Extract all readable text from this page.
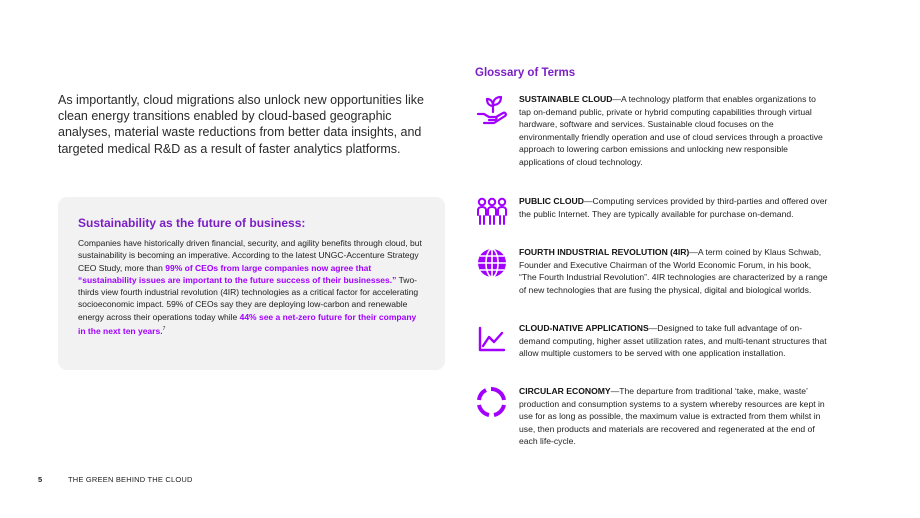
As importantly, cloud migrations also unlock new opportunities like clean energy transitions enabled by cloud-based geographic analyses, material waste reductions from better data insights, and targeted medical R&D as a result of faster analytics platforms.

Sustainability as the future of business:

Companies have historically driven financial, security, and agility benefits through cloud, but sustainability is becoming an imperative. According to the latest UNGC-Accenture Strategy CEO Study, more than 99% of CEOs from large companies now agree that “sustainability issues are important to the future success of their businesses.” Two-thirds view fourth industrial revolution (4IR) technologies as a critical factor for accelerating socioeconomic impact. 59% of CEOs say they are deploying low-carbon and renewable energy across their operations today while 44% see a net-zero future for their company in the next ten years.$^7$

Glossary of Terms

SUSTAINABLE CLOUD—A technology platform that enables organizations to tap on-demand public, private or hybrid computing capabilities through virtual hardware, software and services. Sustainable cloud focuses on the environmentally friendly operation and use of cloud services through a proactive approach to lowering carbon emissions and unlocking new responsible applications of cloud technology.

PUBLIC CLOUD—Computing services provided by third-parties and offered over the public Internet. They are typically available for purchase on-demand.

FOURTH INDUSTRIAL REVOLUTION (4IR)—A term coined by Klaus Schwab, Founder and Executive Chairman of the World Economic Forum, in his book, “The Fourth Industrial Revolution”. 4IR technologies are characterized by a range of new technologies that are fusing the physical, digital and biological worlds.

CLOUD-NATIVE APPLICATIONS—Designed to take full advantage of on-demand computing, higher asset utilization rates, and multi-tenant structures that allow multiple customers to be served with one application installation.

CIRCULAR ECONOMY—The departure from traditional ‘take, make, waste’ production and consumption systems to a system whereby resources are kept in use for as long as possible, the maximum value is extracted from them whilst in use, then products and materials are recovered and regenerated at the end of each life-cycle.

5	THE GREEN BEHIND THE CLOUD
